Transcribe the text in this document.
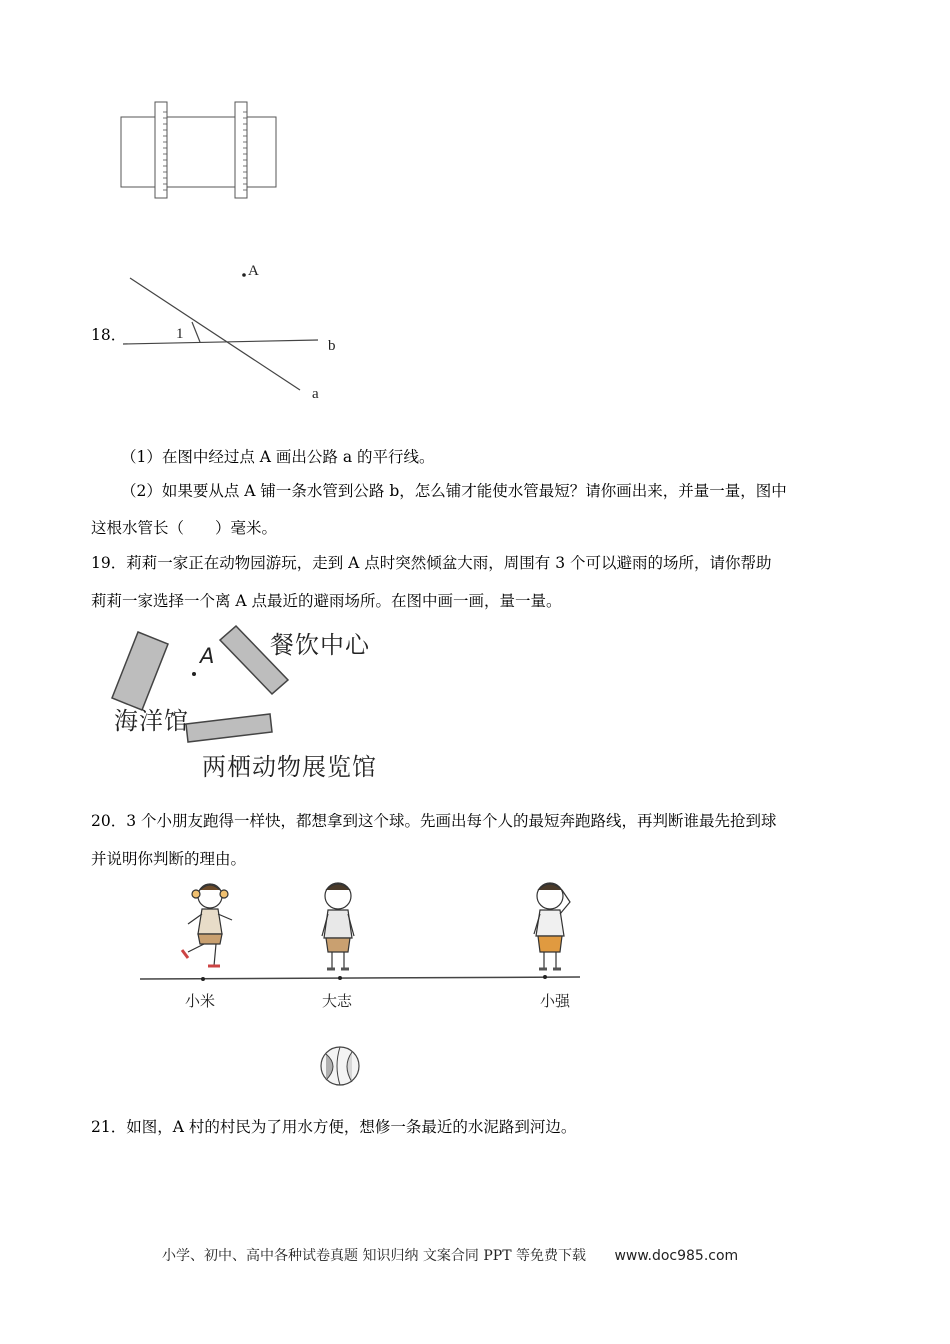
18．
A
1
b
a
（1）在图中经过点 A 画出公路 a 的平行线。
（2）如果要从点 A 铺一条水管到公路 b，怎么铺才能使水管最短？请你画出来，并量一量，图中
这根水管长（　　）毫米。
19．莉莉一家正在动物园游玩，走到 A 点时突然倾盆大雨，周围有 3 个可以避雨的场所，请你帮助
莉莉一家选择一个离 A 点最近的避雨场所。在图中画一画，量一量。
A 餐饮中心
海洋馆
两栖动物展览馆
20．3 个小朋友跑得一样快，都想拿到这个球。先画出每个人的最短奔跑路线，再判断谁最先抢到球
并说明你判断的理由。
小米	大志	小强
21．如图，A 村的村民为了用水方便，想修一条最近的水泥路到河边。
小学、初中、高中各种试卷真题 知识归纳 文案合同 PPT 等免费下载 www.doc985.com
